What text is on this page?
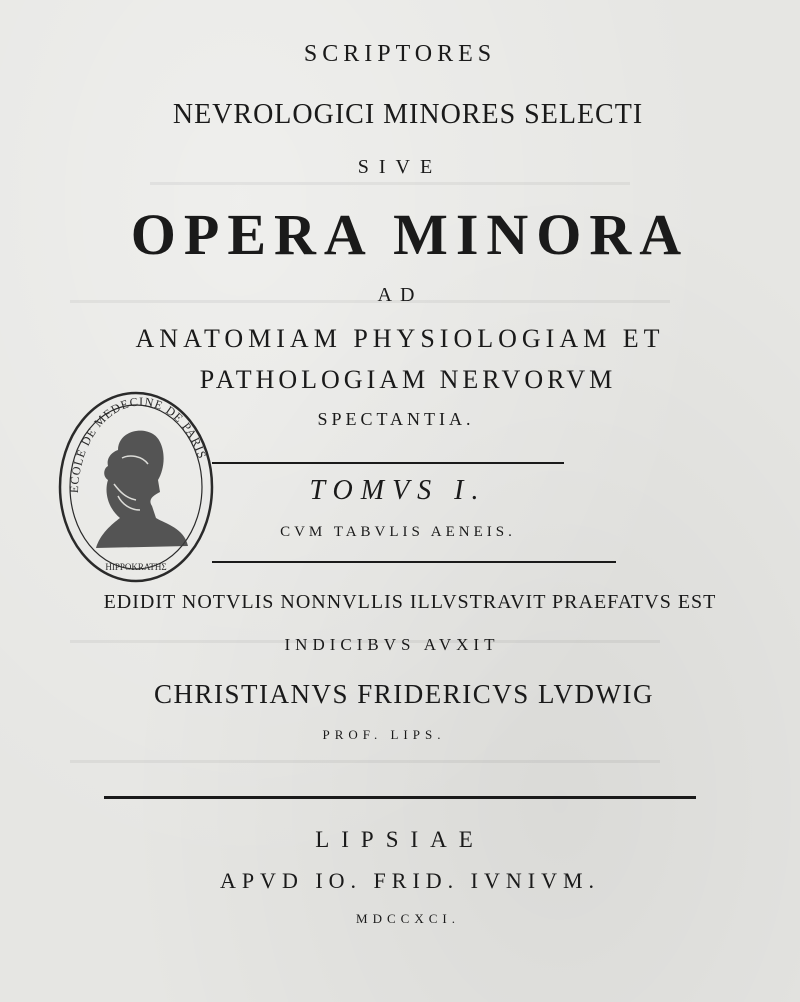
SCRIPTORES
NEVROLOGICI MINORES SELECTI
SIVE
OPERA MINORA
AD
ANATOMIAM PHYSIOLOGIAM ET
PATHOLOGIAM NERVORVM
SPECTANTIA.
TOMVS I.
CVM TABVLIS AENEIS.
EDIDIT NOTVLIS NONNVLLIS ILLVSTRAVIT PRAEFATVS EST
INDICIBVS AVXIT
CHRISTIANVS FRIDERICVS LVDWIG
PROF. LIPS.
LIPSIAE
APVD IO. FRID. IVNIVM.
MDCCXCI.
ECOLE DE MEDECINE DE PARIS
HIPPOKRATHΣ
